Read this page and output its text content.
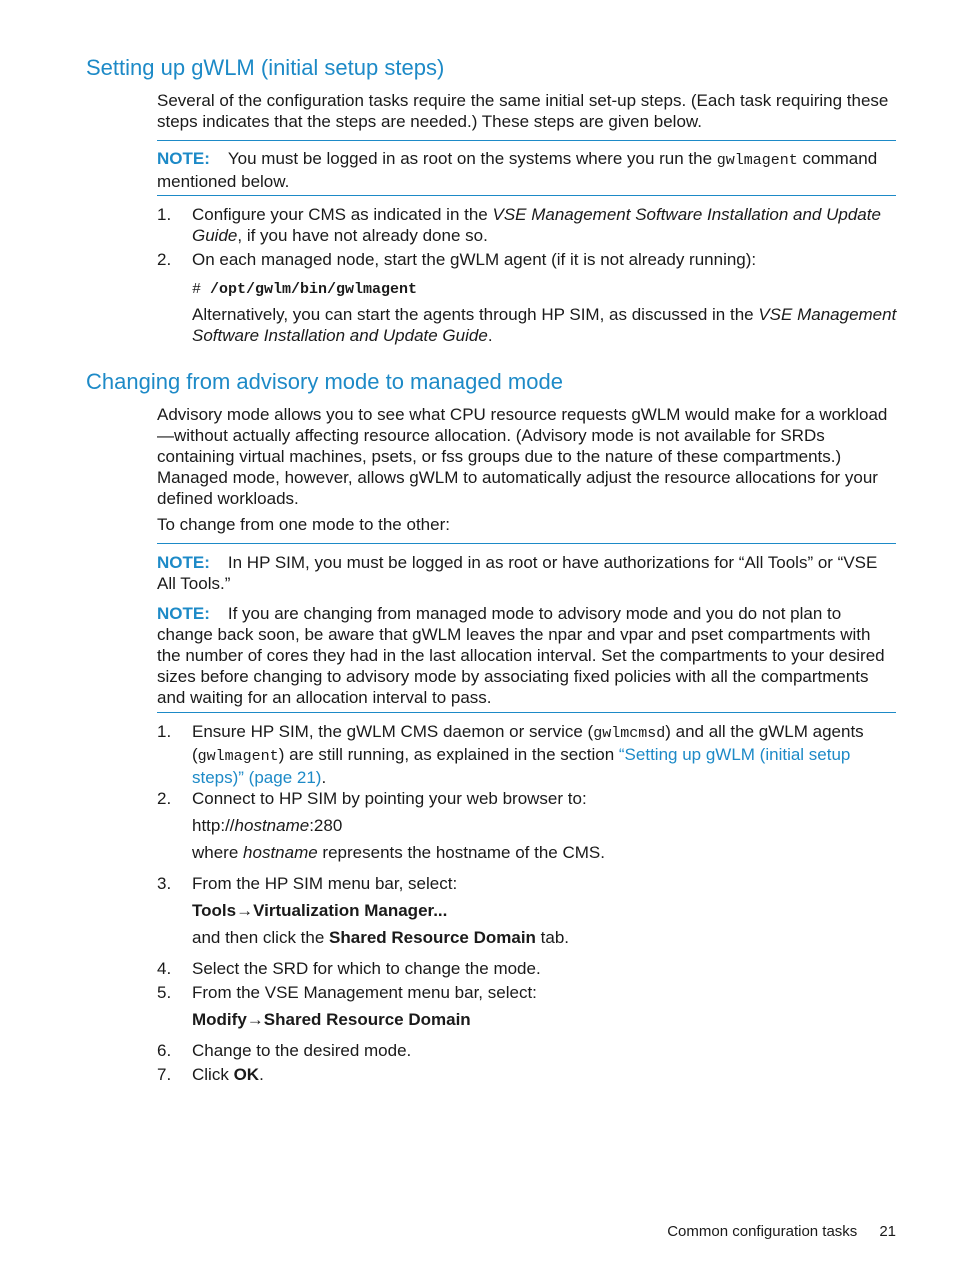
Setting up gWLM (initial setup steps)

Several of the configuration tasks require the same initial set-up steps. (Each task requiring these steps indicates that the steps are needed.) These steps are given below.

NOTE: You must be logged in as root on the systems where you run the gwlmagent command mentioned below.

1. Configure your CMS as indicated in the VSE Management Software Installation and Update Guide, if you have not already done so.
2. On each managed node, start the gWLM agent (if it is not already running):

# /opt/gwlm/bin/gwlmagent

Alternatively, you can start the agents through HP SIM, as discussed in the VSE Management Software Installation and Update Guide.

Changing from advisory mode to managed mode

Advisory mode allows you to see what CPU resource requests gWLM would make for a workload—without actually affecting resource allocation. (Advisory mode is not available for SRDs containing virtual machines, psets, or fss groups due to the nature of these compartments.) Managed mode, however, allows gWLM to automatically adjust the resource allocations for your defined workloads.

To change from one mode to the other:

NOTE: In HP SIM, you must be logged in as root or have authorizations for “All Tools” or “VSE All Tools.”

NOTE: If you are changing from managed mode to advisory mode and you do not plan to change back soon, be aware that gWLM leaves the npar and vpar and pset compartments with the number of cores they had in the last allocation interval. Set the compartments to your desired sizes before changing to advisory mode by associating fixed policies with all the compartments and waiting for an allocation interval to pass.

1. Ensure HP SIM, the gWLM CMS daemon or service (gwlmcmsd) and all the gWLM agents (gwlmagent) are still running, as explained in the section “Setting up gWLM (initial setup steps)” (page 21).
2. Connect to HP SIM by pointing your web browser to:

http://hostname:280

where hostname represents the hostname of the CMS.

3. From the HP SIM menu bar, select:

Tools→Virtualization Manager...

and then click the Shared Resource Domain tab.

4. Select the SRD for which to change the mode.
5. From the VSE Management menu bar, select:

Modify→Shared Resource Domain

6. Change to the desired mode.
7. Click OK.
Common configuration tasks 21
